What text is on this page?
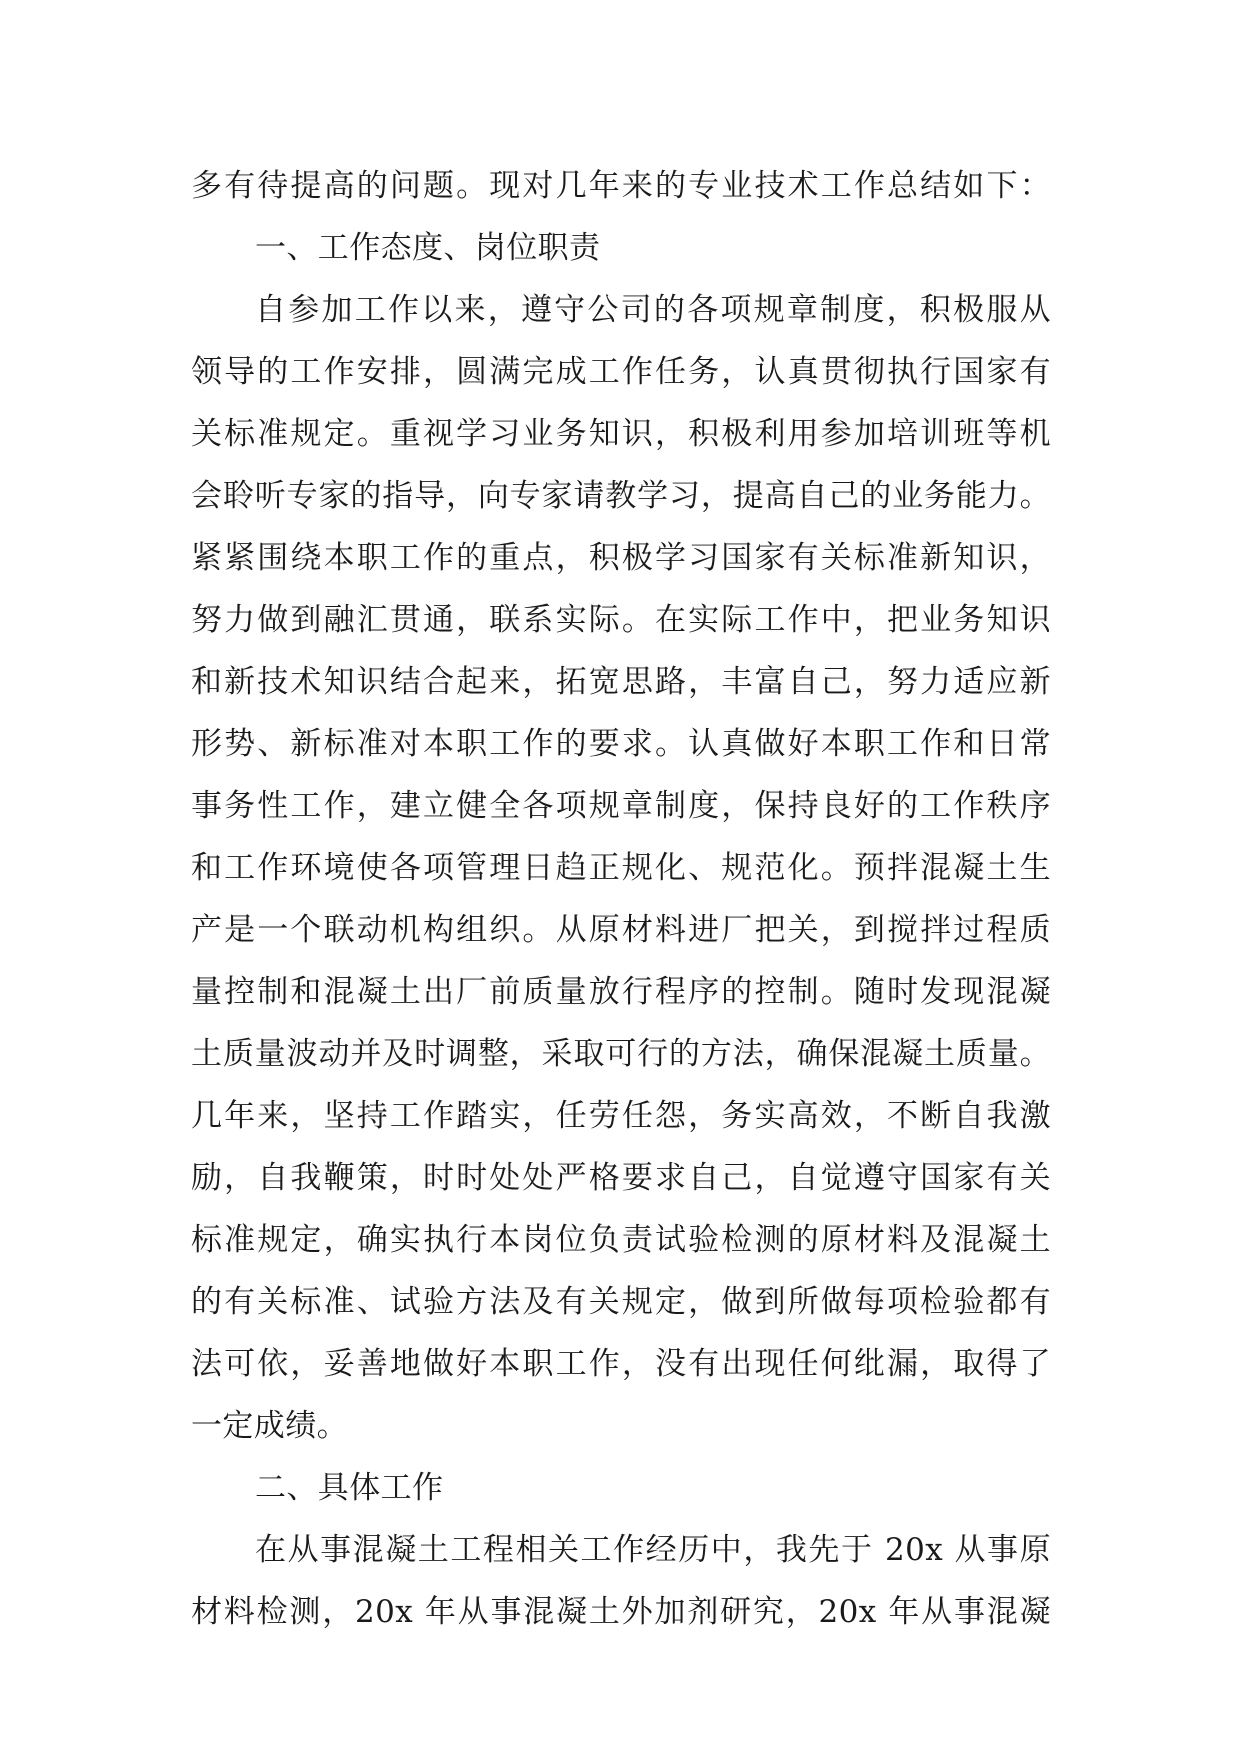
多有待提高的问题。现对几年来的专业技术工作总结如下：
一、工作态度、岗位职责
自参加工作以来，遵守公司的各项规章制度，积极服从
领导的工作安排，圆满完成工作任务，认真贯彻执行国家有
关标准规定。重视学习业务知识，积极利用参加培训班等机
会聆听专家的指导，向专家请教学习，提高自己的业务能力。
紧紧围绕本职工作的重点，积极学习国家有关标准新知识，
努力做到融汇贯通，联系实际。在实际工作中，把业务知识
和新技术知识结合起来，拓宽思路，丰富自己，努力适应新
形势、新标准对本职工作的要求。认真做好本职工作和日常
事务性工作，建立健全各项规章制度，保持良好的工作秩序
和工作环境使各项管理日趋正规化、规范化。预拌混凝土生
产是一个联动机构组织。从原材料进厂把关，到搅拌过程质
量控制和混凝土出厂前质量放行程序的控制。随时发现混凝
土质量波动并及时调整，采取可行的方法，确保混凝土质量。
几年来，坚持工作踏实，任劳任怨，务实高效，不断自我激
励，自我鞭策，时时处处严格要求自己，自觉遵守国家有关
标准规定，确实执行本岗位负责试验检测的原材料及混凝土
的有关标准、试验方法及有关规定，做到所做每项检验都有
法可依，妥善地做好本职工作，没有出现任何纰漏，取得了
一定成绩。
二、具体工作
在从事混凝土工程相关工作经历中，我先于 20x 从事原
材料检测，20x 年从事混凝土外加剂研究，20x 年从事混凝
